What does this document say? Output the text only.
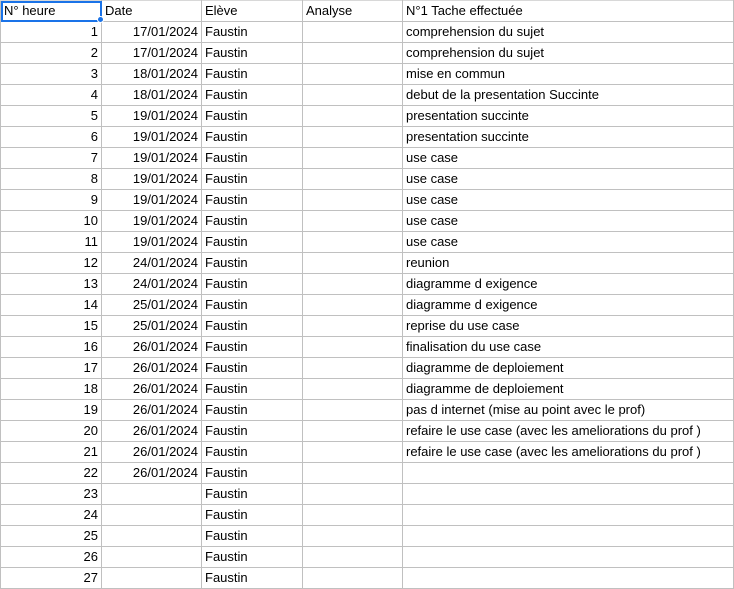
N° heure	Date	Elève	Analyse	N°1 Tache effectuée
1	17/01/2024	Faustin		comprehension du sujet
2	17/01/2024	Faustin		comprehension du sujet
3	18/01/2024	Faustin		mise en commun
4	18/01/2024	Faustin		debut de la presentation Succinte
5	19/01/2024	Faustin		presentation succinte
6	19/01/2024	Faustin		presentation succinte
7	19/01/2024	Faustin		use case
8	19/01/2024	Faustin		use case
9	19/01/2024	Faustin		use case
10	19/01/2024	Faustin		use case
11	19/01/2024	Faustin		use case
12	24/01/2024	Faustin		reunion
13	24/01/2024	Faustin		diagramme d exigence
14	25/01/2024	Faustin		diagramme d exigence
15	25/01/2024	Faustin		reprise du use case
16	26/01/2024	Faustin		finalisation du use case
17	26/01/2024	Faustin		diagramme de deploiement
18	26/01/2024	Faustin		diagramme de deploiement
19	26/01/2024	Faustin		pas d internet (mise au point avec le prof)
20	26/01/2024	Faustin		refaire le use case (avec les ameliorations du prof )
21	26/01/2024	Faustin		refaire le use case (avec les ameliorations du prof )
22	26/01/2024	Faustin		
23		Faustin		
24		Faustin		
25		Faustin		
26		Faustin		
27		Faustin		
